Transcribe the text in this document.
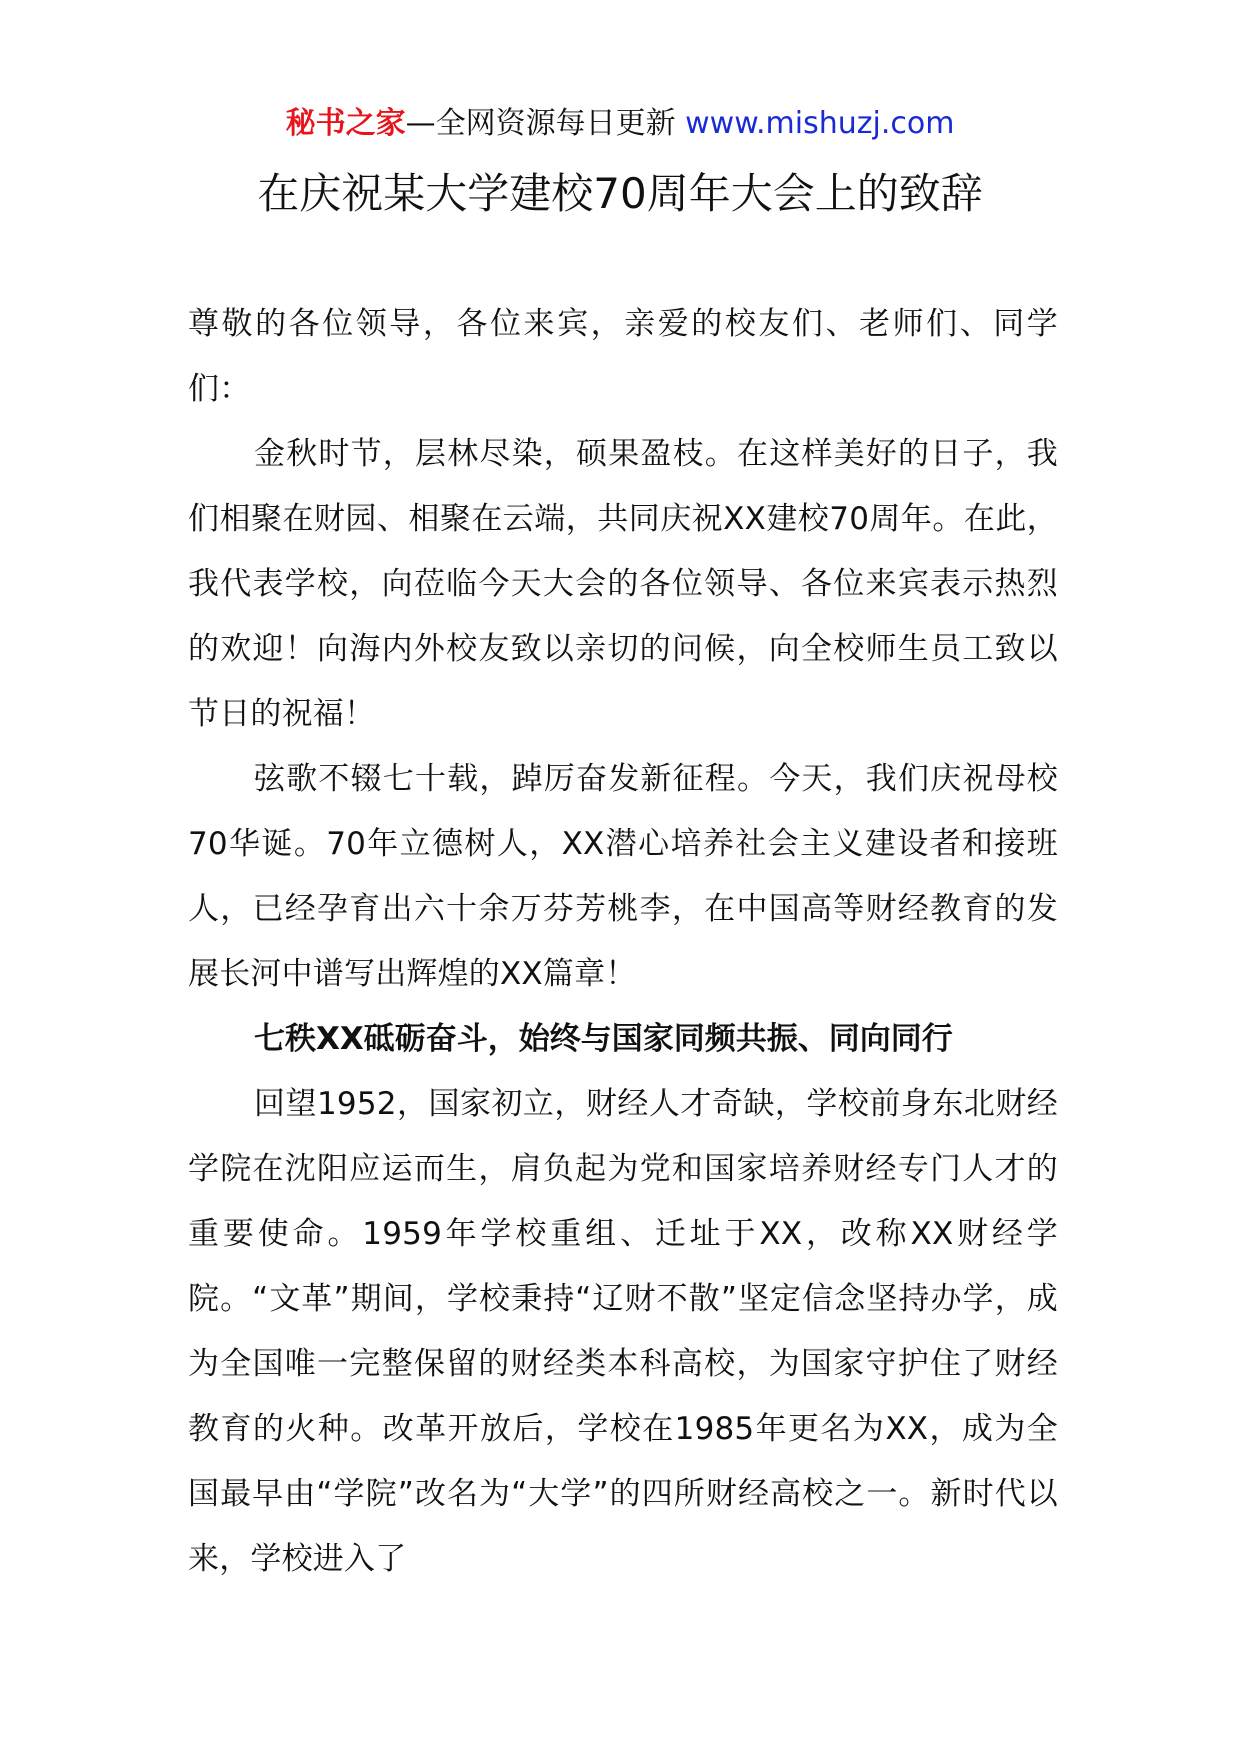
秘书之家—全网资源每日更新 www.mishuzj.com
在庆祝某大学建校70周年大会上的致辞

尊敬的各位领导，各位来宾，亲爱的校友们、老师们、同学们：

金秋时节，层林尽染，硕果盈枝。在这样美好的日子，我们相聚在财园、相聚在云端，共同庆祝XX建校70周年。在此，我代表学校，向莅临今天大会的各位领导、各位来宾表示热烈的欢迎！向海内外校友致以亲切的问候，向全校师生员工致以节日的祝福！

弦歌不辍七十载，踔厉奋发新征程。今天，我们庆祝母校70华诞。70年立德树人，XX潜心培养社会主义建设者和接班人，已经孕育出六十余万芬芳桃李，在中国高等财经教育的发展长河中谱写出辉煌的XX篇章！

七秩XX砥砺奋斗，始终与国家同频共振、同向同行

回望1952，国家初立，财经人才奇缺，学校前身东北财经学院在沈阳应运而生，肩负起为党和国家培养财经专门人才的重要使命。1959年学校重组、迁址于XX，改称XX财经学院。“文革”期间，学校秉持“辽财不散”坚定信念坚持办学，成为全国唯一完整保留的财经类本科高校，为国家守护住了财经教育的火种。改革开放后，学校在1985年更名为XX，成为全国最早由“学院”改名为“大学”的四所财经高校之一。新时代以来，学校进入了
